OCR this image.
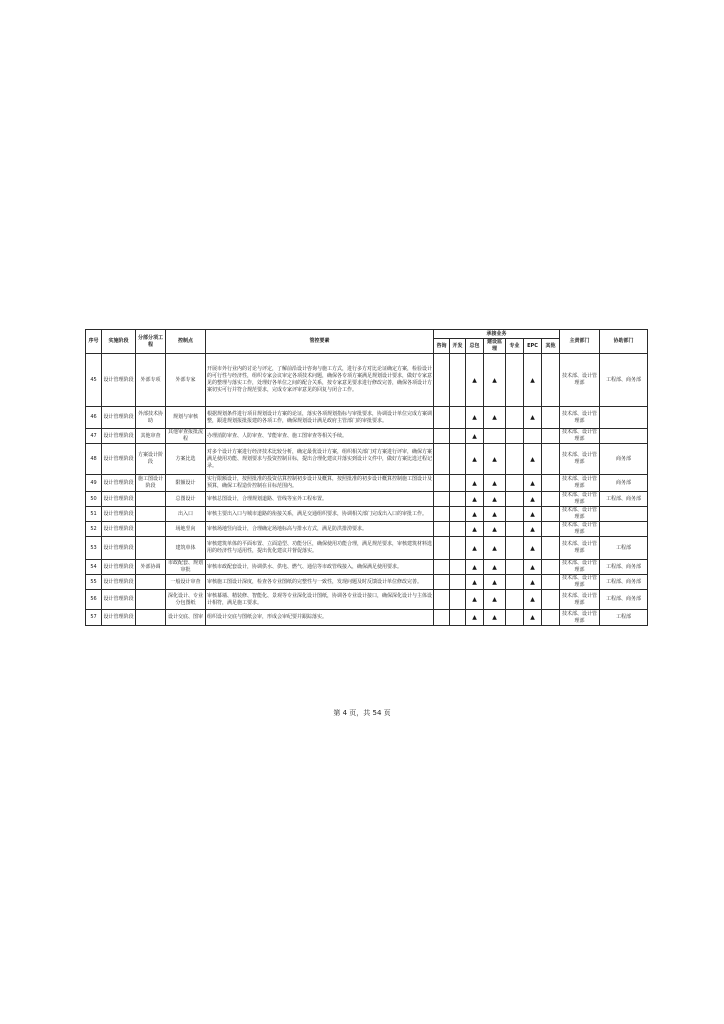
序号	实施阶段	分部分项工程	控制点	管控要素	承接业务							主责部门	协助部门
					咨询	开发	总包	建设监理	专业	EPC	其他		
45	设计管理阶段	外部专项	外部专家	开展市外行业内的讨论与评定，了解前沿设计咨询与施工方式，进行多方对比论证确定方案，检验设计的可行性与经济性，组织专家会议审定各项技术问题，确保各专项方案满足规划设计要求，做好专家意见的整理与落实工作，处理好各单位之间的配合关系，按专家意见要求进行修改完善，确保各项设计方案切实可行并符合规范要求，完成专家评审意见的回复与闭合工作。			▲	▲		▲		技术部、设计管理部	工程部、商务部
46	设计管理阶段	外部技术协助	规划与审核	根据规划条件进行项目规划设计方案的论证，落实各项规划指标与审批要求，协调设计单位完成方案调整，跟进规划报批报建的各项工作，确保规划设计满足政府主管部门的审批要求。			▲	▲		▲		技术部、设计管理部	
47	设计管理阶段	其他审查	其他审查报批流程	办理消防审查、人防审查、节能审查、施工图审查等相关手续。			▲					技术部、设计管理部	
48	设计管理阶段	方案设计阶段	方案比选	对多个设计方案进行经济技术比较分析，确定最优设计方案，组织相关部门对方案进行评审，确保方案满足使用功能、规划要求与投资控制目标，提出合理化建议并落实到设计文件中，做好方案比选过程记录。			▲	▲		▲		技术部、设计管理部	商务部
49	设计管理阶段	施工图设计阶段	限额设计	实行限额设计，按照批准的投资估算控制初步设计及概算，按照批准的初步设计概算控制施工图设计及预算，确保工程造价控制在目标范围内。			▲	▲		▲		技术部、设计管理部	商务部
50	设计管理阶段		总图设计	审核总图设计，合理规划道路、管线等室外工程布置。			▲	▲		▲		技术部、设计管理部	工程部、商务部
51	设计管理阶段		出入口	审核主要出入口与城市道路的衔接关系，满足交通组织要求，协调相关部门完成出入口的审批工作。			▲	▲		▲		技术部、设计管理部	
52	设计管理阶段		场地竖向	审核场地竖向设计，合理确定场地标高与排水方式，满足防洪排涝要求。			▲	▲		▲		技术部、设计管理部	
53	设计管理阶段		建筑单体	审核建筑单体的平面布置、立面造型、功能分区，确保使用功能合理，满足规范要求，审核建筑材料选用的经济性与适用性，提出优化建议并督促落实。			▲	▲		▲		技术部、设计管理部	工程部
54	设计管理阶段	外部协调	市政配套、规划审批	审核市政配套设计，协调供水、供电、燃气、通信等市政管线接入，确保满足使用要求。			▲	▲		▲		技术部、设计管理部	工程部、商务部
55	设计管理阶段		一般设计审查	审核施工图设计深度，检查各专业图纸的完整性与一致性，发现问题及时反馈设计单位修改完善。			▲	▲		▲		技术部、设计管理部	工程部、商务部
56	设计管理阶段		深化设计、专业分包图纸	审核幕墙、精装修、智能化、景观等专业深化设计图纸，协调各专业设计接口，确保深化设计与主体设计相符，满足施工要求。			▲	▲		▲		技术部、设计管理部	工程部、商务部
57	设计管理阶段		设计交底、图审	组织设计交底与图纸会审，形成会审纪要并跟踪落实。			▲	▲		▲		技术部、设计管理部	工程部
第 4 页，共 54 页
